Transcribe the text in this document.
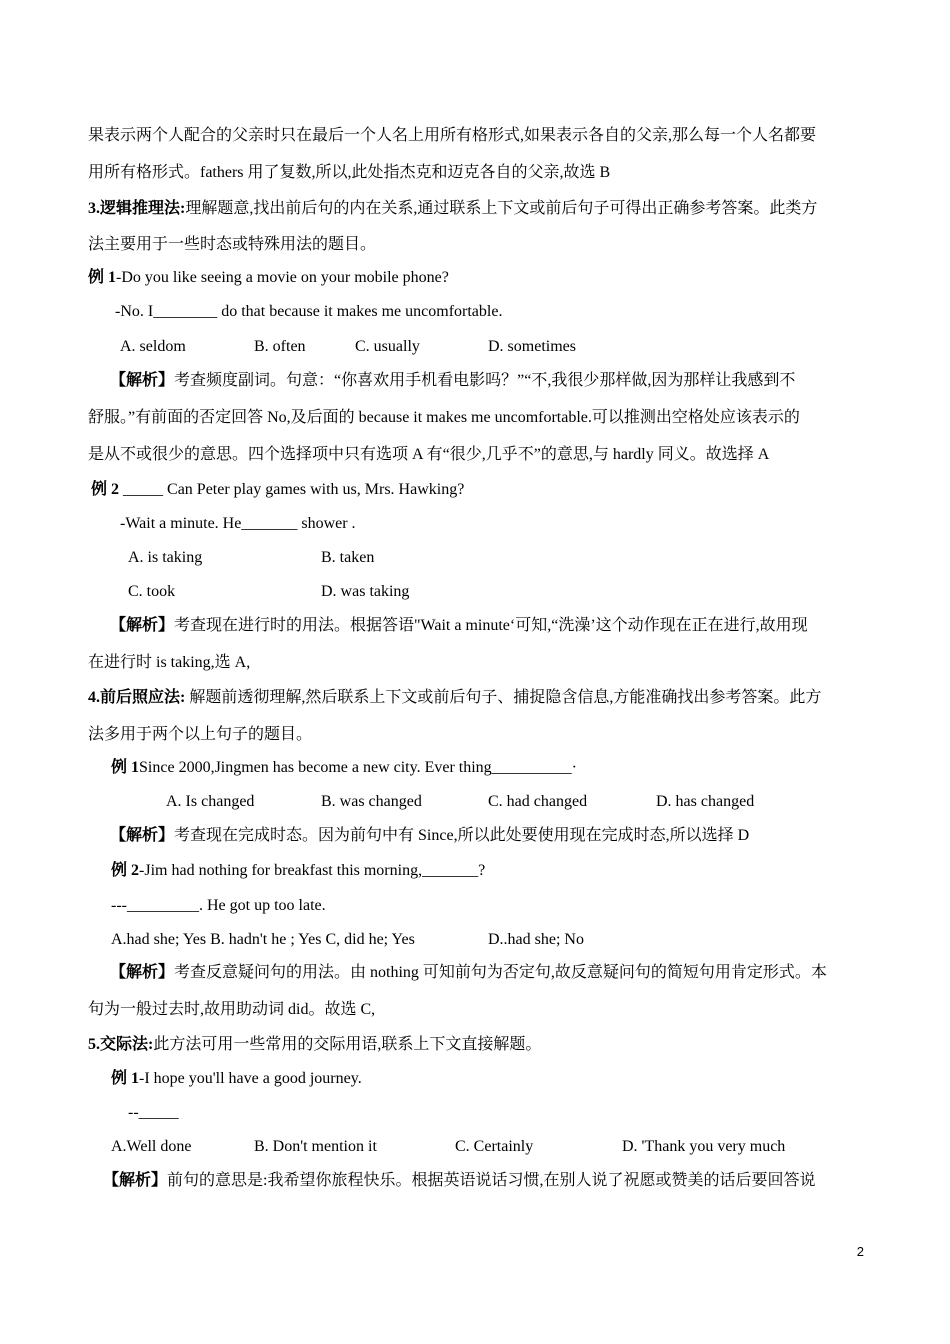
果表示两个人配合的父亲时只在最后一个人名上用所有格形式,如果表示各自的父亲,那么每一个人名都要
用所有格形式。fathers 用了复数,所以,此处指杰克和迈克各自的父亲,故选 B
3.逻辑推理法:理解题意,找出前后句的内在关系,通过联系上下文或前后句子可得出正确参考答案。此类方
法主要用于一些时态或特殊用法的题目。
例 1-Do you like seeing a movie on your mobile phone?
-No. I________ do that because it makes me uncomfortable.
A. seldom	B. often	C. usually	D. sometimes
【解析】考查频度副词。句意：“你喜欢用手机看电影吗？”“不,我很少那样做,因为那样让我感到不
舒服。”有前面的否定回答 No,及后面的 because it makes me uncomfortable.可以推测出空格处应该表示的
是从不或很少的意思。四个选择项中只有选项 A 有“很少,几乎不”的意思,与 hardly 同义。故选择 A
例 2 _____ Can Peter play games with us, Mrs. Hawking?
-Wait a minute. He_______ shower .
A. is taking	B. taken
C. took	D. was taking
【解析】考查现在进行时的用法。根据答语"Wait a minute‘可知,“洗澡’这个动作现在正在进行,故用现
在进行时 is taking,选 A,
4.前后照应法: 解题前透彻理解,然后联系上下文或前后句子、捕捉隐含信息,方能准确找出参考答案。此方
法多用于两个以上句子的题目。
例 1Since 2000,Jingmen has become a new city. Ever thing__________·
A. Is changed	B. was changed	C. had changed	D. has changed
【解析】考查现在完成时态。因为前句中有 Since,所以此处要使用现在完成时态,所以选择 D
例 2-Jim had nothing for breakfast this morning,_______?
---_________. He got up too late.
A.had she; Yes B. hadn't he ; Yes C, did he; Yes	D..had she; No
【解析】考查反意疑问句的用法。由 nothing 可知前句为否定句,故反意疑问句的简短句用肯定形式。本
句为一般过去时,故用助动词 did。故选 C,
5.交际法:此方法可用一些常用的交际用语,联系上下文直接解题。
例 1-I hope you'll have a good journey.
--_____
A.Well done	B. Don't mention it	C. Certainly	D. 'Thank you very much
【解析】前句的意思是:我希望你旅程快乐。根据英语说话习惯,在别人说了祝愿或赞美的话后要回答说
2
